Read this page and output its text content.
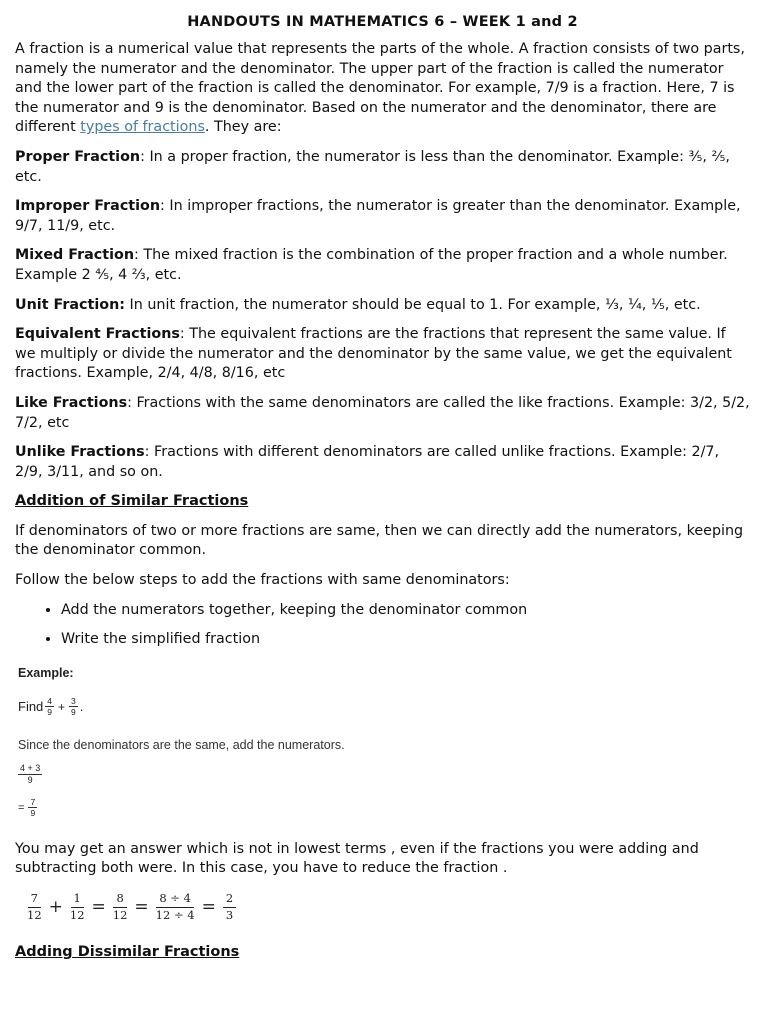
HANDOUTS IN MATHEMATICS 6 – WEEK 1 and 2

A fraction is a numerical value that represents the parts of the whole. A fraction consists of two parts, namely the numerator and the denominator. The upper part of the fraction is called the numerator and the lower part of the fraction is called the denominator. For example, 7/9 is a fraction. Here, 7 is the numerator and 9 is the denominator. Based on the numerator and the denominator, there are different types of fractions. They are:

Proper Fraction: In a proper fraction, the numerator is less than the denominator. Example: ⅗, ⅖, etc.

Improper Fraction: In improper fractions, the numerator is greater than the denominator. Example, 9/7, 11/9, etc.

Mixed Fraction: The mixed fraction is the combination of the proper fraction and a whole number. Example 2 ⅘, 4 ⅔, etc.

Unit Fraction: In unit fraction, the numerator should be equal to 1. For example, ⅓, ¼, ⅕, etc.

Equivalent Fractions: The equivalent fractions are the fractions that represent the same value. If we multiply or divide the numerator and the denominator by the same value, we get the equivalent fractions. Example, 2/4, 4/8, 8/16, etc

Like Fractions: Fractions with the same denominators are called the like fractions. Example: 3/2, 5/2, 7/2, etc

Unlike Fractions: Fractions with different denominators are called unlike fractions. Example: 2/7, 2/9, 3/11, and so on.

Addition of Similar Fractions

If denominators of two or more fractions are same, then we can directly add the numerators, keeping the denominator common.

Follow the below steps to add the fractions with same denominators:

• Add the numerators together, keeping the denominator common
• Write the simplified fraction
Example:
Find $\frac{4}{9} + \frac{3}{9}$ .
Since the denominators are the same, add the numerators.
$\frac{4 + 3}{9}$
= $\frac{7}{9}$

You may get an answer which is not in lowest terms , even if the fractions you were adding and subtracting both were. In this case, you have to reduce the fraction .

$\frac{7}{12} + \frac{1}{12} = \frac{8}{12} = \frac{8 \div 4}{12 \div 4} = \frac{2}{3}$
Adding Dissimilar Fractions
